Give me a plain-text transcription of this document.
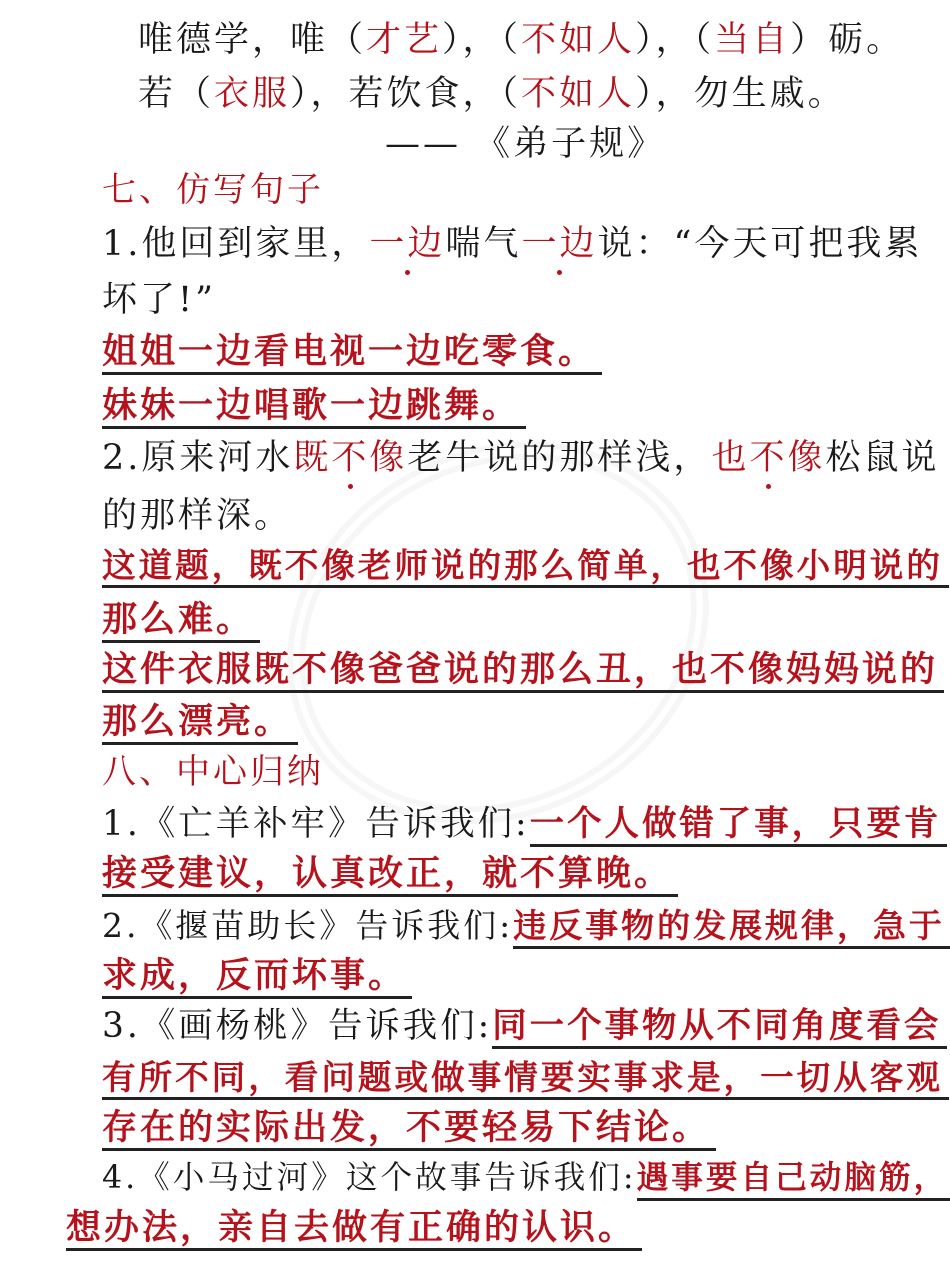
唯德学，唯（才艺），（不如人），（当自）砺。
若（衣服），若饮食，（不如人），勿生戚。
—— 《弟子规》
七、仿写句子
1.他回到家里，一边喘气一边说：“今天可把我累
坏了!”
姐姐一边看电视一边吃零食。
妹妹一边唱歌一边跳舞。
2.原来河水既不像老牛说的那样浅，也不像松鼠说
的那样深。
这道题，既不像老师说的那么简单，也不像小明说的
那么难。
这件衣服既不像爸爸说的那么丑，也不像妈妈说的
那么漂亮。
八、中心归纳
1.《亡羊补牢》告诉我们:一个人做错了事，只要肯
接受建议，认真改正，就不算晚。
2.《揠苗助长》告诉我们:违反事物的发展规律，急于
求成，反而坏事。
3.《画杨桃》告诉我们:同一个事物从不同角度看会
有所不同，看问题或做事情要实事求是，一切从客观
存在的实际出发，不要轻易下结论。
4.《小马过河》这个故事告诉我们:遇事要自己动脑筋，
想办法，亲自去做有正确的认识。
